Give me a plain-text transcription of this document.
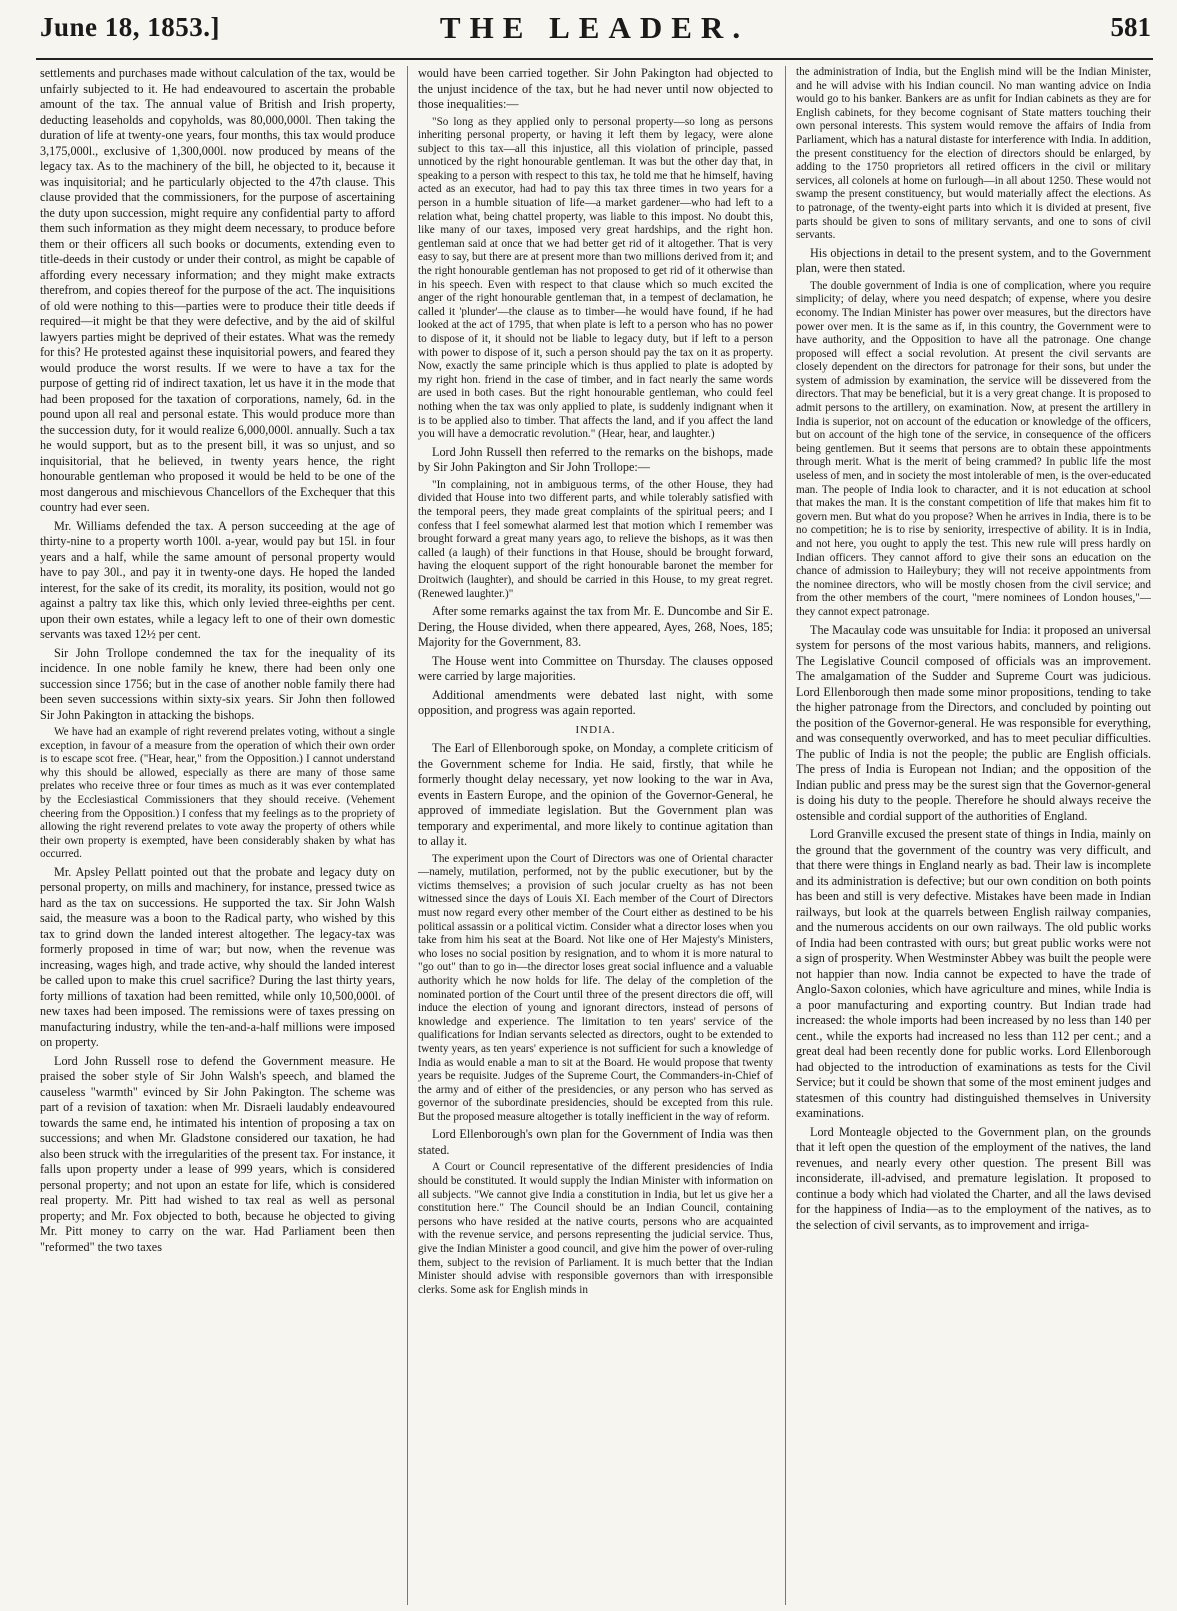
June 18, 1853.]	THE LEADER.	581

settlements and purchases made without calculation of the tax, would be unfairly subjected to it. He had endeavoured to ascertain the probable amount of the tax. The annual value of British and Irish property, deducting leaseholds and copyholds, was 80,000,000l. Then taking the duration of life at twenty-one years, four months, this tax would produce 3,175,000l., exclusive of 1,300,000l. now produced by means of the legacy tax. As to the machinery of the bill, he objected to it, because it was inquisitorial; and he particularly objected to the 47th clause. This clause provided that the commissioners, for the purpose of ascertaining the duty upon succession, might require any confidential party to afford them such information as they might deem necessary, to produce before them or their officers all such books or documents, extending even to title-deeds in their custody or under their control, as might be capable of affording every necessary information; and they might make extracts therefrom, and copies thereof for the purpose of the act. The inquisitions of old were nothing to this—parties were to produce their title deeds if required—it might be that they were defective, and by the aid of skilful lawyers parties might be deprived of their estates. What was the remedy for this? He protested against these inquisitorial powers, and feared they would produce the worst results. If we were to have a tax for the purpose of getting rid of indirect taxation, let us have it in the mode that had been proposed for the taxation of corporations, namely, 6d. in the pound upon all real and personal estate. This would produce more than the succession duty, for it would realize 6,000,000l. annually. Such a tax he would support, but as to the present bill, it was so unjust, and so inquisitorial, that he believed, in twenty years hence, the right honourable gentleman who proposed it would be held to be one of the most dangerous and mischievous Chancellors of the Exchequer that this country had ever seen.

Mr. Williams defended the tax. A person succeeding at the age of thirty-nine to a property worth 100l. a-year, would pay but 15l. in four years and a half, while the same amount of personal property would have to pay 30l., and pay it in twenty-one days. He hoped the landed interest, for the sake of its credit, its morality, its position, would not go against a paltry tax like this, which only levied three-eighths per cent. upon their own estates, while a legacy left to one of their own domestic servants was taxed 12½ per cent.

Sir John Trollope condemned the tax for the inequality of its incidence. In one noble family he knew, there had been only one succession since 1756; but in the case of another noble family there had been seven successions within sixty-six years. Sir John then followed Sir John Pakington in attacking the bishops.

We have had an example of right reverend prelates voting, without a single exception, in favour of a measure from the operation of which their own order is to escape scot free. ("Hear, hear," from the Opposition.) I cannot understand why this should be allowed, especially as there are many of those same prelates who receive three or four times as much as it was ever contemplated by the Ecclesiastical Commissioners that they should receive. (Vehement cheering from the Opposition.) I confess that my feelings as to the propriety of allowing the right reverend prelates to vote away the property of others while their own property is exempted, have been considerably shaken by what has occurred.

Mr. Apsley Pellatt pointed out that the probate and legacy duty on personal property, on mills and machinery, for instance, pressed twice as hard as the tax on successions. He supported the tax. Sir John Walsh said, the measure was a boon to the Radical party, who wished by this tax to grind down the landed interest altogether. The legacy-tax was formerly proposed in time of war; but now, when the revenue was increasing, wages high, and trade active, why should the landed interest be called upon to make this cruel sacrifice? During the last thirty years, forty millions of taxation had been remitted, while only 10,500,000l. of new taxes had been imposed. The remissions were of taxes pressing on manufacturing industry, while the ten-and-a-half millions were imposed on property.

Lord John Russell rose to defend the Government measure. He praised the sober style of Sir John Walsh's speech, and blamed the causeless "warmth" evinced by Sir John Pakington. The scheme was part of a revision of taxation: when Mr. Disraeli laudably endeavoured towards the same end, he intimated his intention of proposing a tax on successions; and when Mr. Gladstone considered our taxation, he had also been struck with the irregularities of the present tax. For instance, it falls upon property under a lease of 999 years, which is considered personal property; and not upon an estate for life, which is considered real property. Mr. Pitt had wished to tax real as well as personal property; and Mr. Fox objected to both, because he objected to giving Mr. Pitt money to carry on the war. Had Parliament been then "reformed" the two taxes

would have been carried together. Sir John Pakington had objected to the unjust incidence of the tax, but he had never until now objected to those inequalities:—

"So long as they applied only to personal property—so long as persons inheriting personal property, or having it left them by legacy, were alone subject to this tax—all this injustice, all this violation of principle, passed unnoticed by the right honourable gentleman. It was but the other day that, in speaking to a person with respect to this tax, he told me that he himself, having acted as an executor, had had to pay this tax three times in two years for a person in a humble situation of life—a market gardener—who had left to a relation what, being chattel property, was liable to this impost. No doubt this, like many of our taxes, imposed very great hardships, and the right hon. gentleman said at once that we had better get rid of it altogether. That is very easy to say, but there are at present more than two millions derived from it; and the right honourable gentleman has not proposed to get rid of it otherwise than in his speech. Even with respect to that clause which so much excited the anger of the right honourable gentleman that, in a tempest of declamation, he called it 'plunder'—the clause as to timber—he would have found, if he had looked at the act of 1795, that when plate is left to a person who has no power to dispose of it, it should not be liable to legacy duty, but if left to a person with power to dispose of it, such a person should pay the tax on it as property. Now, exactly the same principle which is thus applied to plate is adopted by my right hon. friend in the case of timber, and in fact nearly the same words are used in both cases. But the right honourable gentleman, who could feel nothing when the tax was only applied to plate, is suddenly indignant when it is to be applied also to timber. That affects the land, and if you affect the land you will have a democratic revolution." (Hear, hear, and laughter.)

Lord John Russell then referred to the remarks on the bishops, made by Sir John Pakington and Sir John Trollope:—

"In complaining, not in ambiguous terms, of the other House, they had divided that House into two different parts, and while tolerably satisfied with the temporal peers, they made great complaints of the spiritual peers; and I confess that I feel somewhat alarmed lest that motion which I remember was brought forward a great many years ago, to relieve the bishops, as it was then called (a laugh) of their functions in that House, should be brought forward, having the eloquent support of the right honourable baronet the member for Droitwich (laughter), and should be carried in this House, to my great regret. (Renewed laughter.)"

After some remarks against the tax from Mr. E. Duncombe and Sir E. Dering, the House divided, when there appeared, Ayes, 268, Noes, 185; Majority for the Government, 83.

The House went into Committee on Thursday. The clauses opposed were carried by large majorities.

Additional amendments were debated last night, with some opposition, and progress was again reported.

INDIA.

The Earl of Ellenborough spoke, on Monday, a complete criticism of the Government scheme for India. He said, firstly, that while he formerly thought delay necessary, yet now looking to the war in Ava, events in Eastern Europe, and the opinion of the Governor-General, he approved of immediate legislation. But the Government plan was temporary and experimental, and more likely to continue agitation than to allay it.

The experiment upon the Court of Directors was one of Oriental character—namely, mutilation, performed, not by the public executioner, but by the victims themselves; a provision of such jocular cruelty as has not been witnessed since the days of Louis XI. Each member of the Court of Directors must now regard every other member of the Court either as destined to be his political assassin or a political victim. Consider what a director loses when you take from him his seat at the Board. Not like one of Her Majesty's Ministers, who loses no social position by resignation, and to whom it is more natural to "go out" than to go in—the director loses great social influence and a valuable authority which he now holds for life. The delay of the completion of the nominated portion of the Court until three of the present directors die off, will induce the election of young and ignorant directors, instead of persons of knowledge and experience. The limitation to ten years' service of the qualifications for Indian servants selected as directors, ought to be extended to twenty years, as ten years' experience is not sufficient for such a knowledge of India as would enable a man to sit at the Board. He would propose that twenty years be requisite. Judges of the Supreme Court, the Commanders-in-Chief of the army and of either of the presidencies, or any person who has served as governor of the subordinate presidencies, should be excepted from this rule. But the proposed measure altogether is totally inefficient in the way of reform.

Lord Ellenborough's own plan for the Government of India was then stated.

A Court or Council representative of the different presidencies of India should be constituted. It would supply the Indian Minister with information on all subjects. "We cannot give India a constitution in India, but let us give her a constitution here." The Council should be an Indian Council, containing persons who have resided at the native courts, persons who are acquainted with the revenue service, and persons representing the judicial service. Thus, give the Indian Minister a good council, and give him the power of over-ruling them, subject to the revision of Parliament. It is much better that the Indian Minister should advise with responsible governors than with irresponsible clerks. Some ask for English minds in

the administration of India, but the English mind will be the Indian Minister, and he will advise with his Indian council. No man wanting advice on India would go to his banker. Bankers are as unfit for Indian cabinets as they are for English cabinets, for they become cognisant of State matters touching their own personal interests. This system would remove the affairs of India from Parliament, which has a natural distaste for interference with India. In addition, the present constituency for the election of directors should be enlarged, by adding to the 1750 proprietors all retired officers in the civil or military services, all colonels at home on furlough—in all about 1250. These would not swamp the present constituency, but would materially affect the elections. As to patronage, of the twenty-eight parts into which it is divided at present, five parts should be given to sons of military servants, and one to sons of civil servants.

His objections in detail to the present system, and to the Government plan, were then stated.

The double government of India is one of complication, where you require simplicity; of delay, where you need despatch; of expense, where you desire economy. The Indian Minister has power over measures, but the directors have power over men. It is the same as if, in this country, the Government were to have authority, and the Opposition to have all the patronage. One change proposed will effect a social revolution. At present the civil servants are closely dependent on the directors for patronage for their sons, but under the system of admission by examination, the service will be dissevered from the directors. That may be beneficial, but it is a very great change. It is proposed to admit persons to the artillery, on examination. Now, at present the artillery in India is superior, not on account of the education or knowledge of the officers, but on account of the high tone of the service, in consequence of the officers being gentlemen. But it seems that persons are to obtain these appointments through merit. What is the merit of being crammed? In public life the most useless of men, and in society the most intolerable of men, is the over-educated man. The people of India look to character, and it is not education at school that makes the man. It is the constant competition of life that makes him fit to govern men. But what do you propose? When he arrives in India, there is to be no competition; he is to rise by seniority, irrespective of ability. It is in India, and not here, you ought to apply the test. This new rule will press hardly on Indian officers. They cannot afford to give their sons an education on the chance of admission to Haileybury; they will not receive appointments from the nominee directors, who will be mostly chosen from the civil service; and from the other members of the court, "mere nominees of London houses,"—they cannot expect patronage.

The Macaulay code was unsuitable for India: it proposed an universal system for persons of the most various habits, manners, and religions. The Legislative Council composed of officials was an improvement. The amalgamation of the Sudder and Supreme Court was judicious. Lord Ellenborough then made some minor propositions, tending to take the higher patronage from the Directors, and concluded by pointing out the position of the Governor-general. He was responsible for everything, and was consequently overworked, and has to meet peculiar difficulties. The public of India is not the people; the public are English officials. The press of India is European not Indian; and the opposition of the Indian public and press may be the surest sign that the Governor-general is doing his duty to the people. Therefore he should always receive the ostensible and cordial support of the authorities of England.

Lord Granville excused the present state of things in India, mainly on the ground that the government of the country was very difficult, and that there were things in England nearly as bad. Their law is incomplete and its administration is defective; but our own condition on both points has been and still is very defective. Mistakes have been made in Indian railways, but look at the quarrels between English railway companies, and the numerous accidents on our own railways. The old public works of India had been contrasted with ours; but great public works were not a sign of prosperity. When Westminster Abbey was built the people were not happier than now. India cannot be expected to have the trade of Anglo-Saxon colonies, which have agriculture and mines, while India is a poor manufacturing and exporting country. But Indian trade had increased: the whole imports had been increased by no less than 140 per cent., while the exports had increased no less than 112 per cent.; and a great deal had been recently done for public works. Lord Ellenborough had objected to the introduction of examinations as tests for the Civil Service; but it could be shown that some of the most eminent judges and statesmen of this country had distinguished themselves in University examinations.

Lord Monteagle objected to the Government plan, on the grounds that it left open the question of the employment of the natives, the land revenues, and nearly every other question. The present Bill was inconsiderate, ill-advised, and premature legislation. It proposed to continue a body which had violated the Charter, and all the laws devised for the happiness of India—as to the employment of the natives, as to the selection of civil servants, as to improvement and irriga-
